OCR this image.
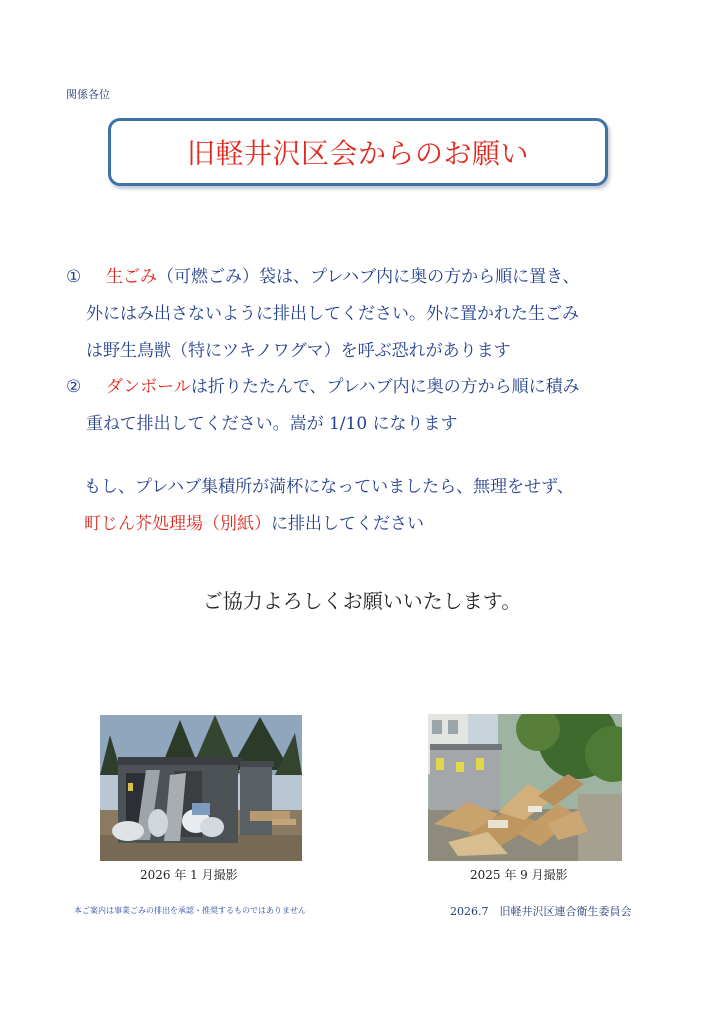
関係各位
旧軽井沢区会からのお願い
① 生ごみ（可燃ごみ）袋は、プレハブ内に奥の方から順に置き、
外にはみ出さないように排出してください。外に置かれた生ごみ
は野生鳥獣（特にツキノワグマ）を呼ぶ恐れがあります
② ダンボールは折りたたんで、プレハブ内に奥の方から順に積み
重ねて排出してください。嵩が 1/10 になります
もし、プレハブ集積所が満杯になっていましたら、無理をせず、
町じん芥処理場（別紙）に排出してください
ご協力よろしくお願いいたします。
2026 年 1 月撮影	2025 年 9 月撮影
本ご案内は事業ごみの排出を承認・推奨するものではありません	2026.7　旧軽井沢区連合衛生委員会
